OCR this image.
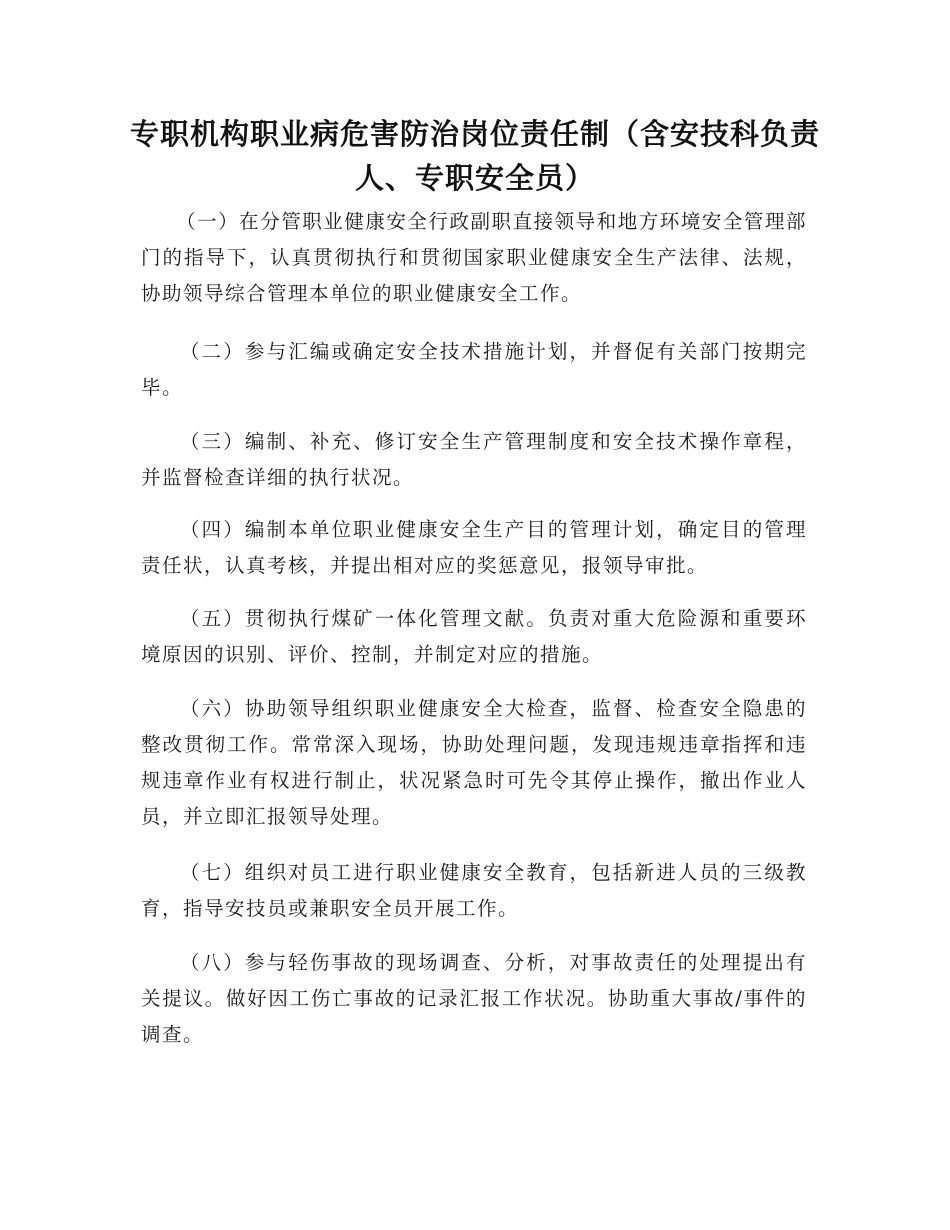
专职机构职业病危害防治岗位责任制（含安技科负责人、专职安全员）

（一）在分管职业健康安全行政副职直接领导和地方环境安全管理部门的指导下，认真贯彻执行和贯彻国家职业健康安全生产法律、法规，协助领导综合管理本单位的职业健康安全工作。

（二）参与汇编或确定安全技术措施计划，并督促有关部门按期完毕。

（三）编制、补充、修订安全生产管理制度和安全技术操作章程，并监督检查详细的执行状况。

（四）编制本单位职业健康安全生产目的管理计划，确定目的管理责任状，认真考核，并提出相对应的奖惩意见，报领导审批。

（五）贯彻执行煤矿一体化管理文献。负责对重大危险源和重要环境原因的识别、评价、控制，并制定对应的措施。

（六）协助领导组织职业健康安全大检查，监督、检查安全隐患的整改贯彻工作。常常深入现场，协助处理问题，发现违规违章指挥和违规违章作业有权进行制止，状况紧急时可先令其停止操作，撤出作业人员，并立即汇报领导处理。

（七）组织对员工进行职业健康安全教育，包括新进人员的三级教育，指导安技员或兼职安全员开展工作。

（八）参与轻伤事故的现场调查、分析，对事故责任的处理提出有关提议。做好因工伤亡事故的记录汇报工作状况。协助重大事故/事件的调查。
